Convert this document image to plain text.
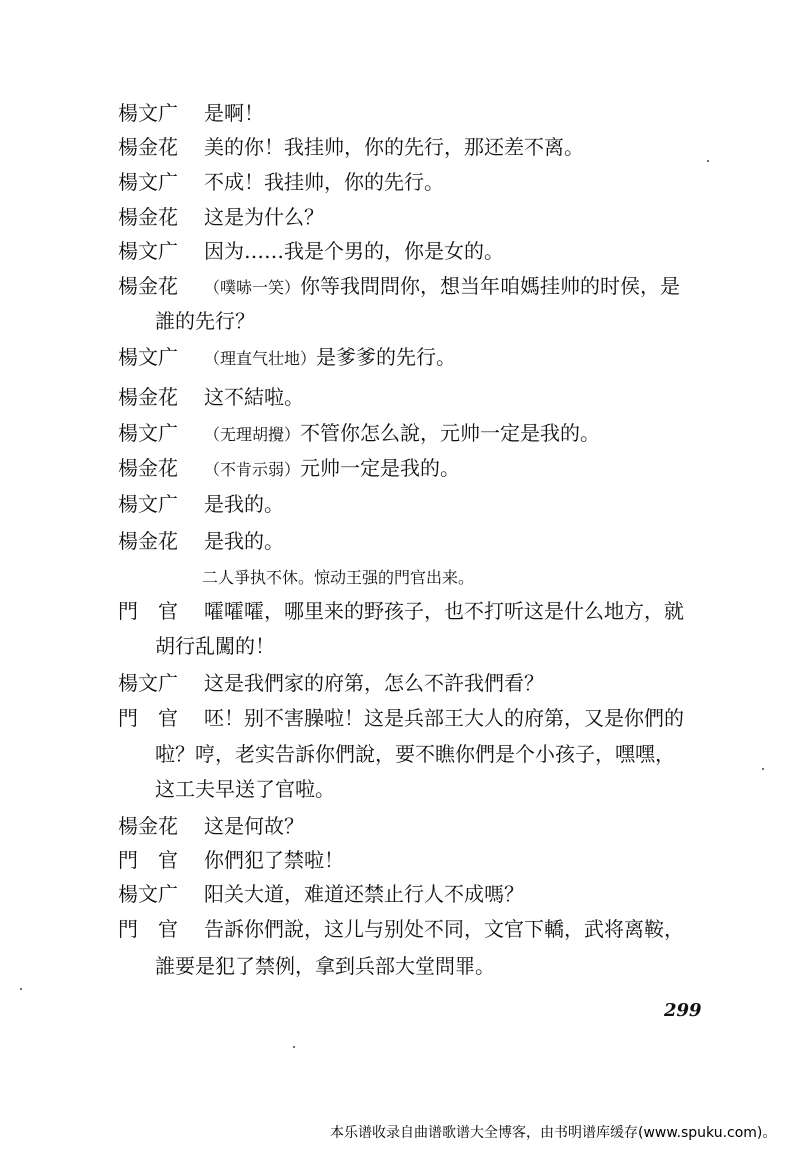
楊文广 是啊！
楊金花 美的你！我挂帅，你的先行，那还差不离。
楊文广 不成！我挂帅，你的先行。
楊金花 这是为什么？
楊文广 因为……我是个男的，你是女的。
楊金花 （噗哧一笑）你等我問問你，想当年咱媽挂帅的时侯，是
誰的先行？
楊文广 （理直气壮地）是爹爹的先行。
楊金花 这不結啦。
楊文广 （无理胡攪）不管你怎么說，元帅一定是我的。
楊金花 （不肯示弱）元帅一定是我的。
楊文广 是我的。
楊金花 是我的。
二人爭执不休。惊动王强的門官出来。
門　官 嚯嚯嚯，哪里来的野孩子，也不打听这是什么地方，就
胡行乱闖的！
楊文广 这是我們家的府第，怎么不許我們看？
門　官 呸！别不害臊啦！这是兵部王大人的府第，又是你們的
啦？哼，老实告訴你們說，要不瞧你們是个小孩子，嘿嘿，
这工夫早送了官啦。
楊金花 这是何故？
門　官 你們犯了禁啦！
楊文广 阳关大道，难道还禁止行人不成嗎？
門　官 告訴你們說，这儿与别处不同，文官下轎，武将离鞍，
誰要是犯了禁例，拿到兵部大堂問罪。
299
本乐谱收录自曲谱歌谱大全博客，由书明谱库缓存(www.spuku.com)。
